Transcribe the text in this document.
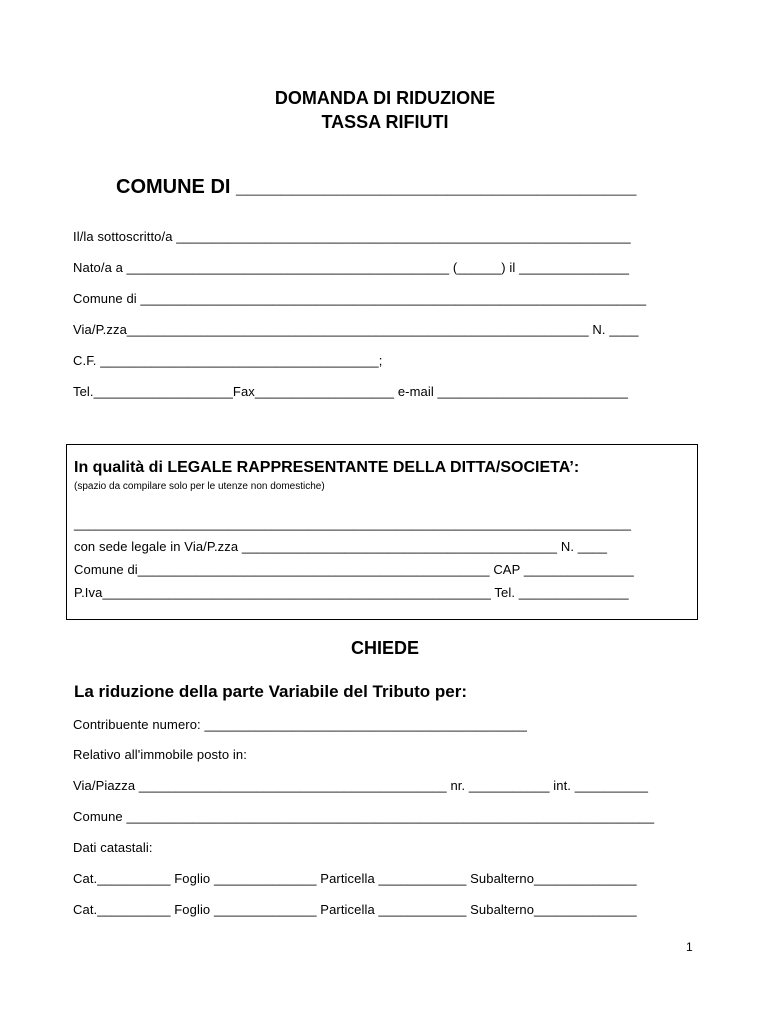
DOMANDA DI RIDUZIONE
TASSA RIFIUTI
COMUNE DI ____________________________________
Il/la sottoscritto/a ______________________________________________________________
Nato/a a ____________________________________________ (______) il _______________
Comune di _____________________________________________________________________
Via/P.zza_______________________________________________________________ N. ____
C.F. ______________________________________;
Tel.___________________Fax___________________ e-mail __________________________
In qualità di LEGALE RAPPRESENTANTE DELLA DITTA/SOCIETA’:
(spazio da compilare solo per le utenze non domestiche)
____________________________________________________________________________
con sede legale in Via/P.zza ___________________________________________ N. ____
Comune di________________________________________________ CAP _______________
P.Iva_____________________________________________________ Tel. _______________
CHIEDE
La riduzione della parte Variabile del Tributo per:
Contribuente numero: ____________________________________________
Relativo all'immobile posto in:
Via/Piazza __________________________________________ nr. ___________ int. __________
Comune ________________________________________________________________________
Dati catastali:
Cat.__________ Foglio ______________ Particella ____________ Subalterno______________
Cat.__________ Foglio ______________ Particella ____________ Subalterno______________
1
